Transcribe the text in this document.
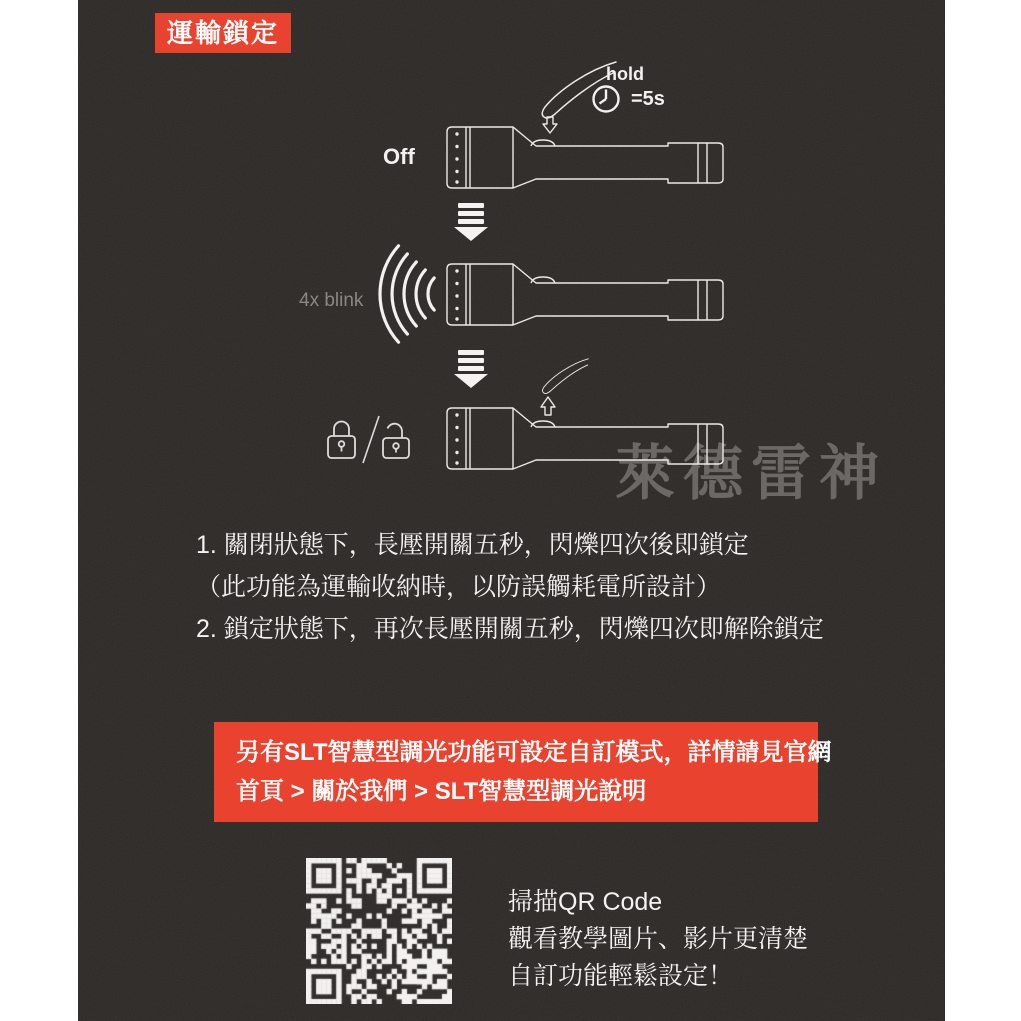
運輸鎖定
萊德雷神
Off
hold
=5s
4x blink
1. 關閉狀態下，長壓開關五秒，閃爍四次後即鎖定
（此功能為運輸收納時，以防誤觸耗電所設計）
2. 鎖定狀態下，再次長壓開關五秒，閃爍四次即解除鎖定
另有SLT智慧型調光功能可設定自訂模式，詳情請見官網
首頁 > 關於我們 > SLT智慧型調光說明
掃描QR Code
觀看教學圖片、影片更清楚
自訂功能輕鬆設定！
